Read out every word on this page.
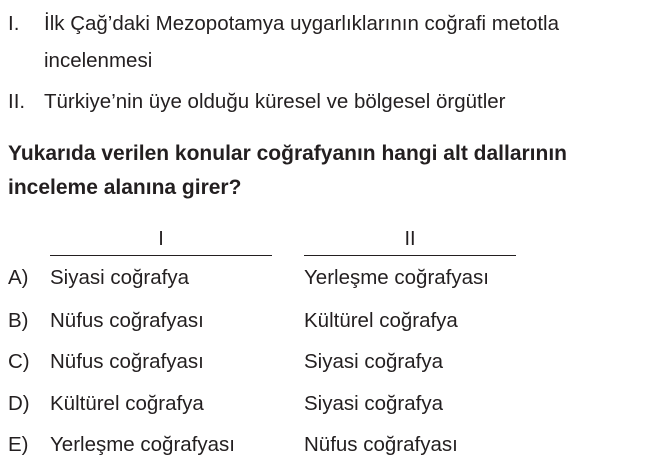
I. İlk Çağ’daki Mezopotamya uygarlıklarının coğrafi metotla
incelenmesi
II. Türkiye’nin üye olduğu küresel ve bölgesel örgütler
Yukarıda verilen konular coğrafyanın hangi alt dallarının
inceleme alanına girer?
I	II
A) Siyasi coğrafya	Yerleşme coğrafyası
B) Nüfus coğrafyası	Kültürel coğrafya
C) Nüfus coğrafyası	Siyasi coğrafya
D) Kültürel coğrafya	Siyasi coğrafya
E) Yerleşme coğrafyası	Nüfus coğrafyası
